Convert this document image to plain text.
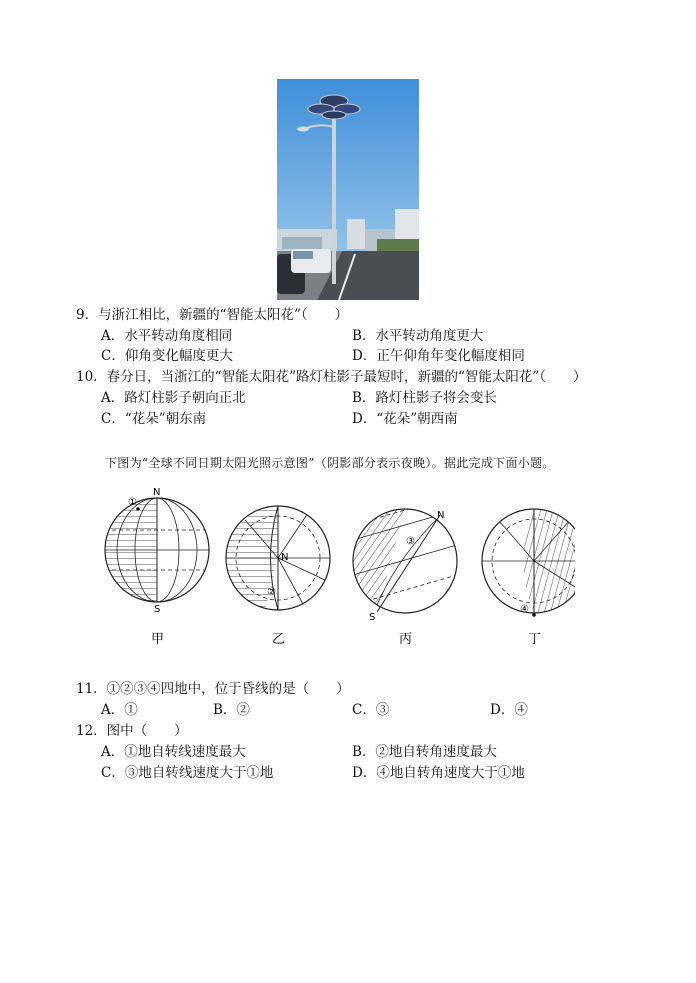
9．与浙江相比，新疆的“智能太阳花”（　　）
A．水平转动角度相同	B．水平转动角度更大
C．仰角变化幅度更大	D．正午仰角年变化幅度相同
10．春分日，当浙江的“智能太阳花”路灯柱影子最短时，新疆的“智能太阳花”（　　）
A．路灯柱影子朝向正北	B．路灯柱影子将会变长
C．“花朵”朝东南	D．“花朵”朝西南
下图为“全球不同日期太阳光照示意图”（阴影部分表示夜晚）。据此完成下面小题。
N
S
①
N
②
N
S
③
④
甲	乙	丙	丁
11．①②③④四地中，位于昏线的是（　　）
A．①	B．②	C．③	D．④
12．图中（　　）
A．①地自转线速度最大	B．②地自转角速度最大
C．③地自转线速度大于①地	D．④地自转角速度大于①地
